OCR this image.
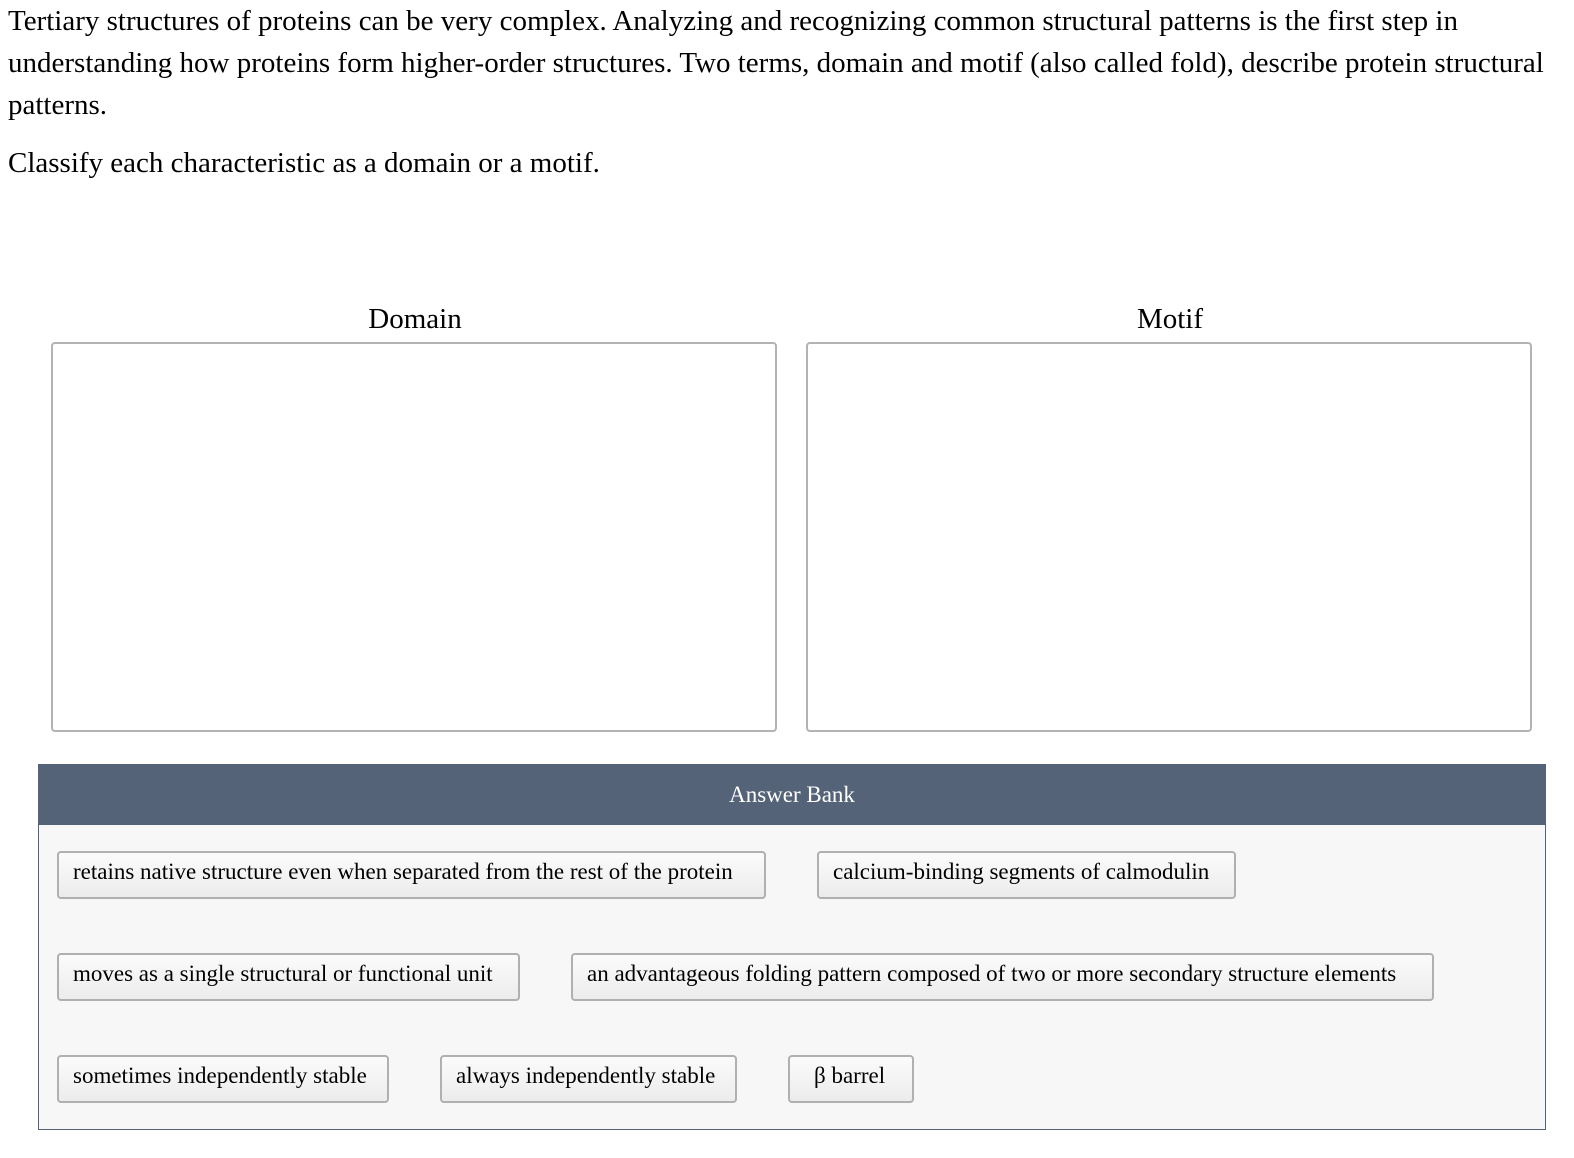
Tertiary structures of proteins can be very complex. Analyzing and recognizing common structural patterns is the first step in understanding how proteins form higher-order structures. Two terms, domain and motif (also called fold), describe protein structural patterns.

Classify each characteristic as a domain or a motif.

Domain	Motif
Answer Bank
retains native structure even when separated from the rest of the protein	calcium-binding segments of calmodulin
moves as a single structural or functional unit	an advantageous folding pattern composed of two or more secondary structure elements
sometimes independently stable	always independently stable	β barrel
